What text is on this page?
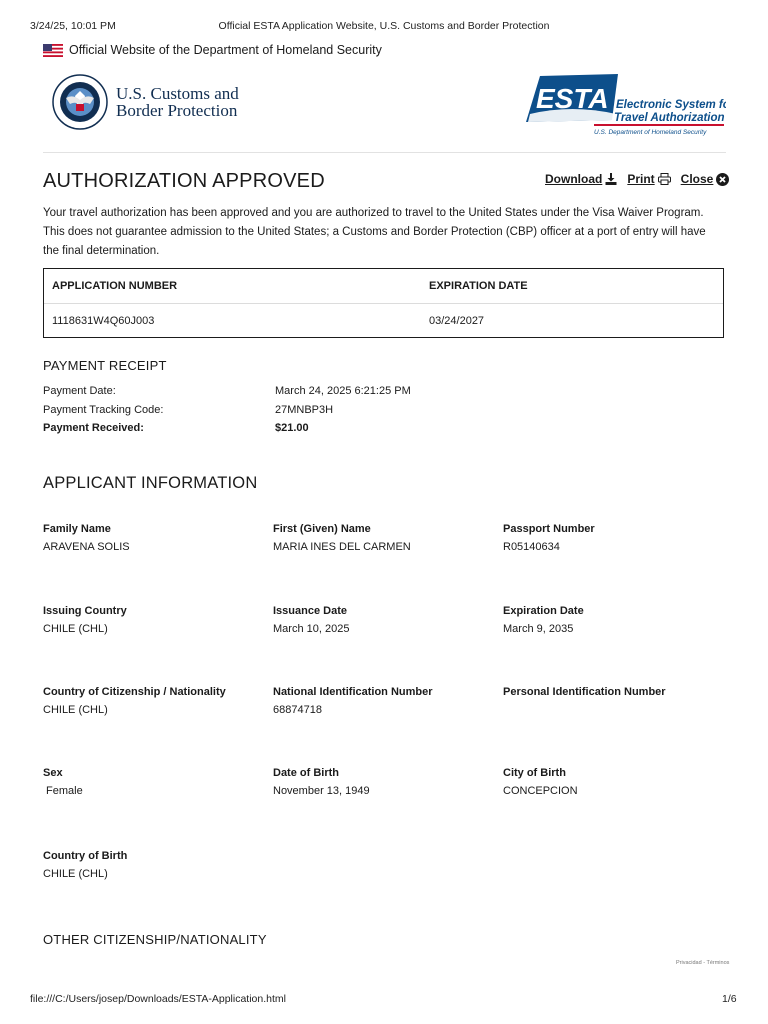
3/24/25, 10:01 PM	Official ESTA Application Website, U.S. Customs and Border Protection
Official Website of the Department of Homeland Security
U.S. Customs and
Border Protection	ESTA Electronic System for
Travel Authorization
U.S. Department of Homeland Security
AUTHORIZATION APPROVED	Download Print Close
Your travel authorization has been approved and you are authorized to travel to the United States under the Visa Waiver Program. This does not guarantee admission to the United States; a Customs and Border Protection (CBP) officer at a port of entry will have the final determination.
APPLICATION NUMBER	EXPIRATION DATE
1118631W4Q60J003	03/24/2027
PAYMENT RECEIPT
Payment Date:	March 24, 2025 6:21:25 PM
Payment Tracking Code:	27MNBP3H
Payment Received:	$21.00
APPLICANT INFORMATION
Family Name
ARAVENA SOLIS
First (Given) Name
MARIA INES DEL CARMEN
Passport Number
R05140634
Issuing Country
CHILE (CHL)
Issuance Date
March 10, 2025
Expiration Date
March 9, 2035
Country of Citizenship / Nationality
CHILE (CHL)
National Identification Number
68874718
Personal Identification Number
Sex
Female
Date of Birth
November 13, 1949
City of Birth
CONCEPCION
Country of Birth
CHILE (CHL)
OTHER CITIZENSHIP/NATIONALITY
Privacidad - Términos
file:///C:/Users/josep/Downloads/ESTA-Application.html	1/6
